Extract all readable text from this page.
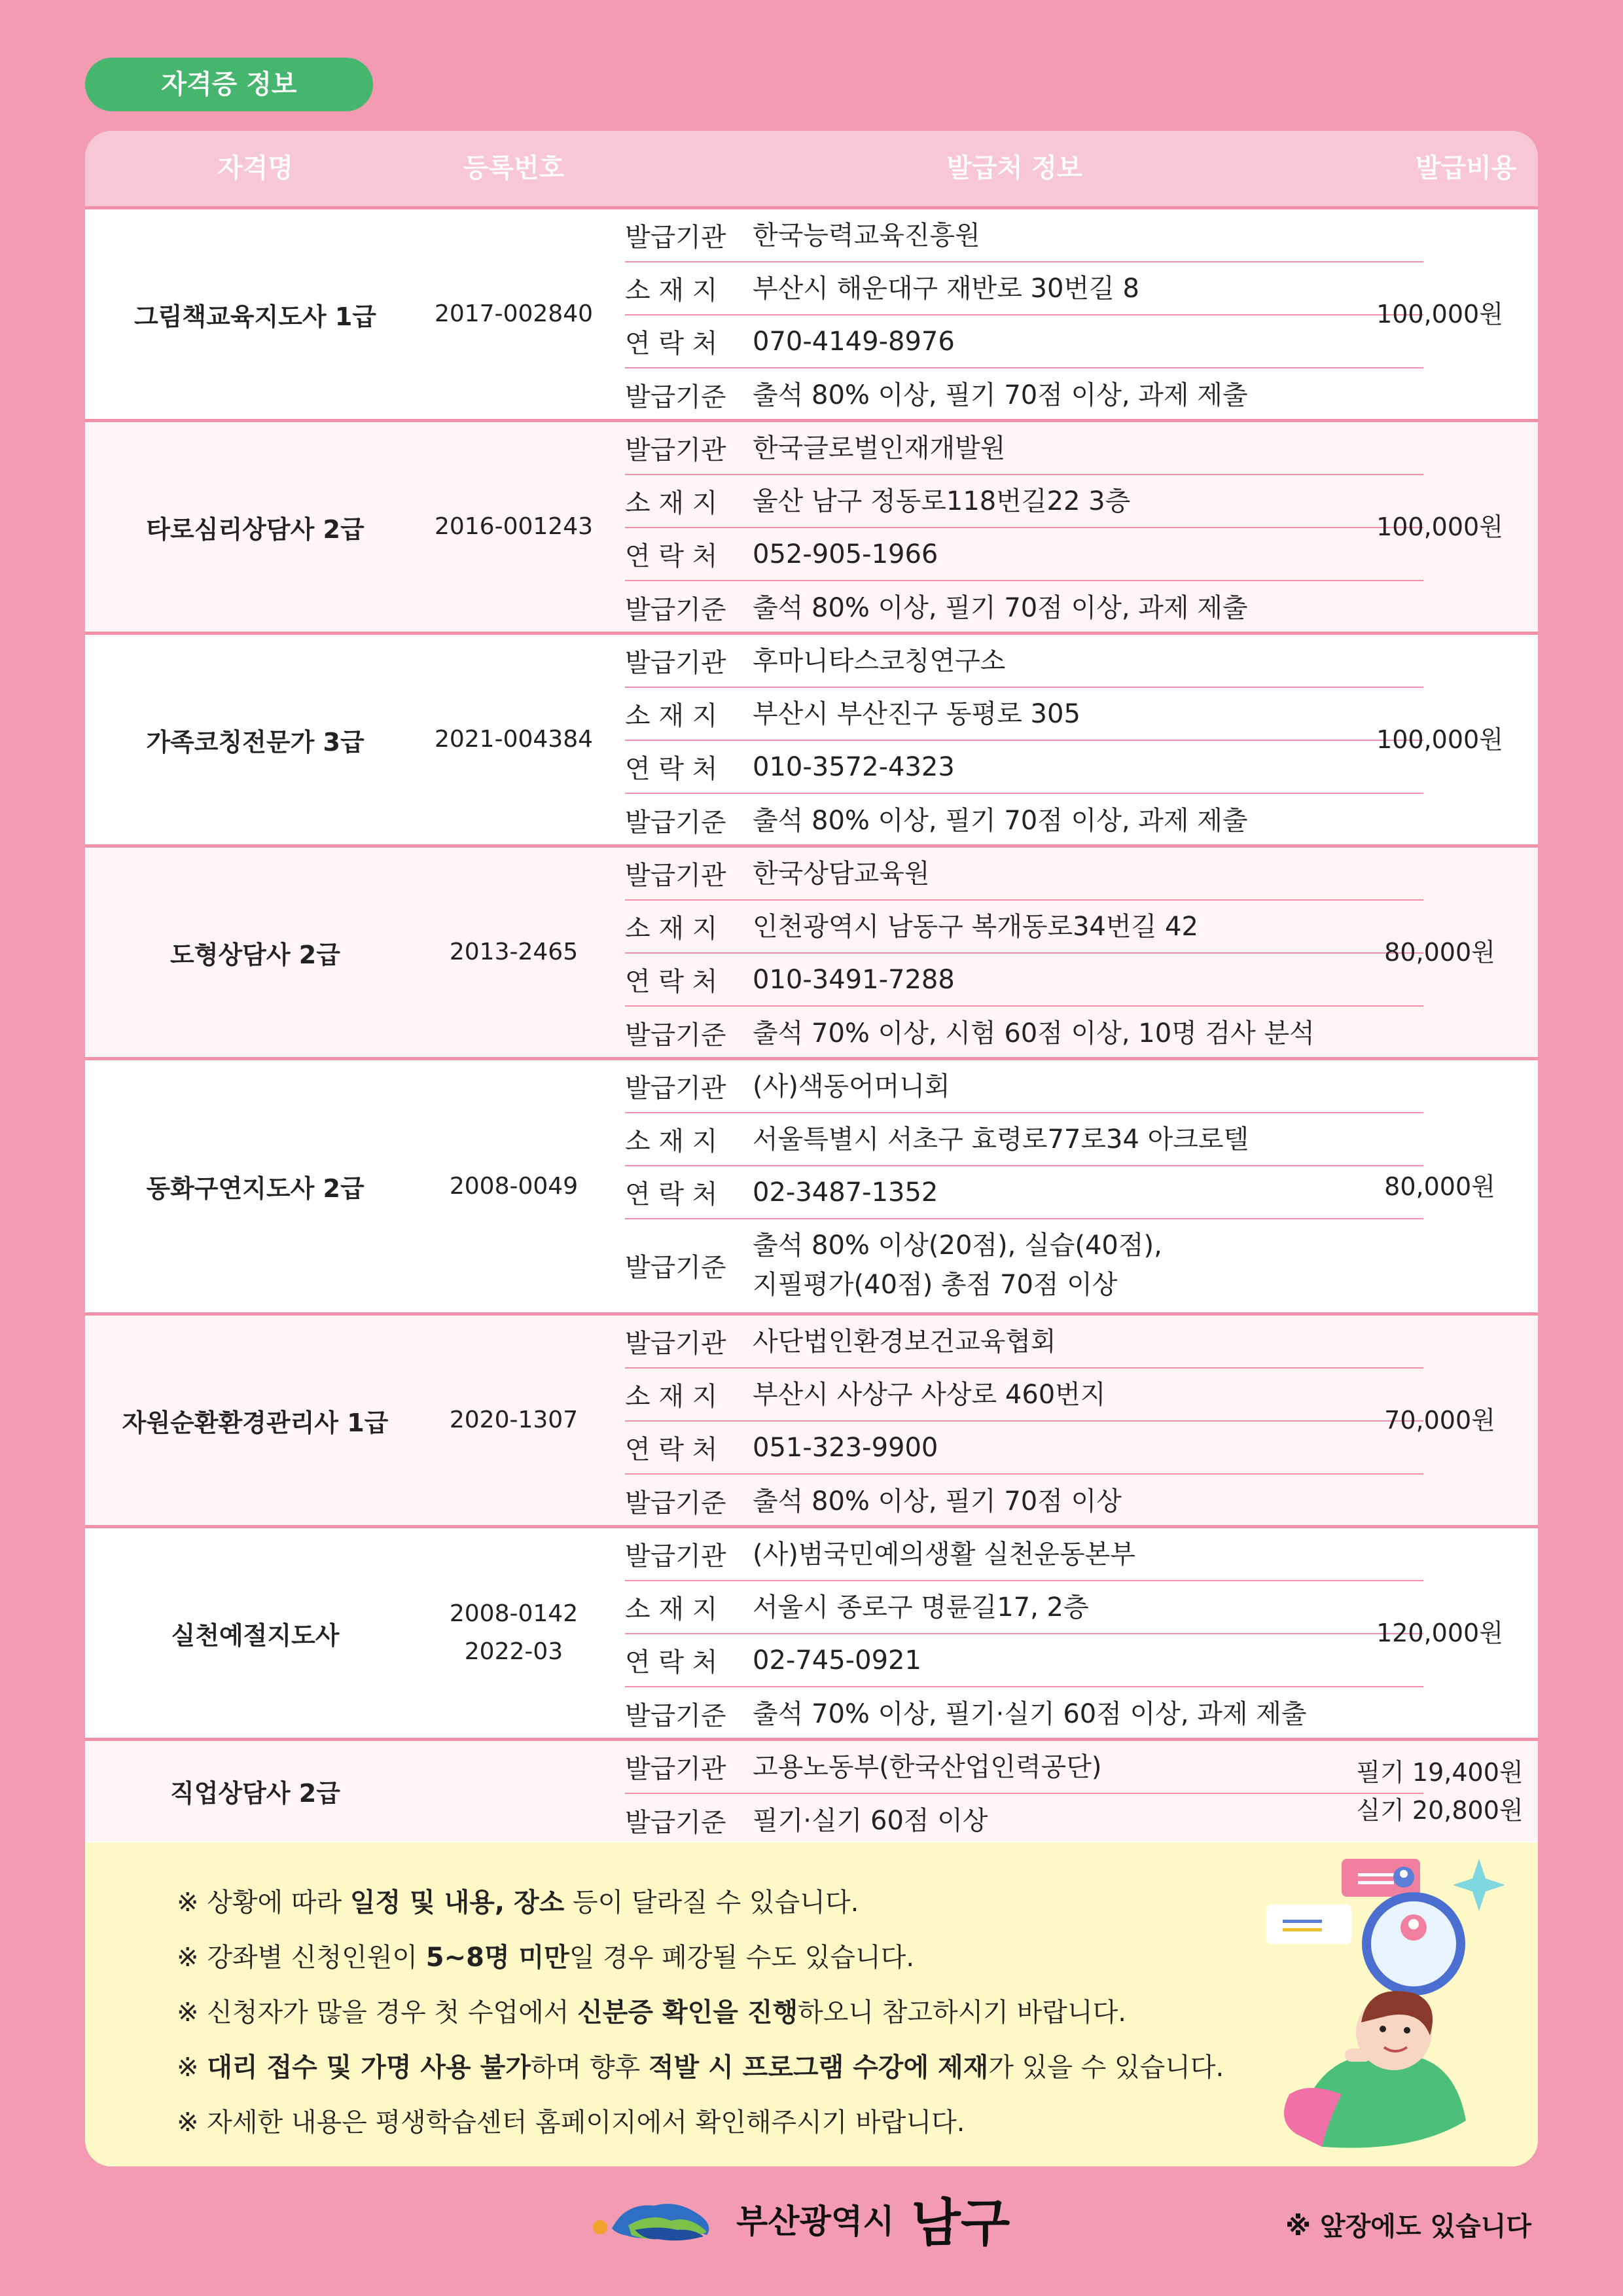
자격증 정보
자격명	등록번호	발급처 정보	발급비용
그림책교육지도사 1급	2017-002840
발급기관	한국능력교육진흥원
소 재 지	부산시 해운대구 재반로 30번길 8
연 락 처	070-4149-8976
발급기준	출석 80% 이상, 필기 70점 이상, 과제 제출
100,000원
타로심리상담사 2급	2016-001243
발급기관	한국글로벌인재개발원
소 재 지	울산 남구 정동로118번길22 3층
연 락 처	052-905-1966
발급기준	출석 80% 이상, 필기 70점 이상, 과제 제출
100,000원
가족코칭전문가 3급	2021-004384
발급기관	후마니타스코칭연구소
소 재 지	부산시 부산진구 동평로 305
연 락 처	010-3572-4323
발급기준	출석 80% 이상, 필기 70점 이상, 과제 제출
100,000원
도형상담사 2급	2013-2465
발급기관	한국상담교육원
소 재 지	인천광역시 남동구 복개동로34번길 42
연 락 처	010-3491-7288
발급기준	출석 70% 이상, 시험 60점 이상, 10명 검사 분석
80,000원
동화구연지도사 2급	2008-0049
발급기관	(사)색동어머니회
소 재 지	서울특별시 서초구 효령로77로34 아크로텔
연 락 처	02-3487-1352
발급기준
출석 80% 이상(20점), 실습(40점),
지필평가(40점) 총점 70점 이상
80,000원
자원순환환경관리사 1급	2020-1307
발급기관	사단법인환경보건교육협회
소 재 지	부산시 사상구 사상로 460번지
연 락 처	051-323-9900
발급기준	출석 80% 이상, 필기 70점 이상
70,000원
실천예절지도사
2008-0142
2022-03
발급기관	(사)범국민예의생활 실천운동본부
소 재 지	서울시 종로구 명륜길17, 2층
연 락 처	02-745-0921
발급기준	출석 70% 이상, 필기·실기 60점 이상, 과제 제출
120,000원
직업상담사 2급
발급기관	고용노동부(한국산업인력공단)
발급기준	필기·실기 60점 이상
필기 19,400원
실기 20,800원
※ 상황에 따라 일정 및 내용, 장소 등이 달라질 수 있습니다.
※ 강좌별 신청인원이 5~8명 미만일 경우 폐강될 수도 있습니다.
※ 신청자가 많을 경우 첫 수업에서 신분증 확인을 진행하오니 참고하시기 바랍니다.
※ 대리 접수 및 가명 사용 불가하며 향후 적발 시 프로그램 수강에 제재가 있을 수 있습니다.
※ 자세한 내용은 평생학습센터 홈페이지에서 확인해주시기 바랍니다.
부산광역시 남구	※ 앞장에도 있습니다
